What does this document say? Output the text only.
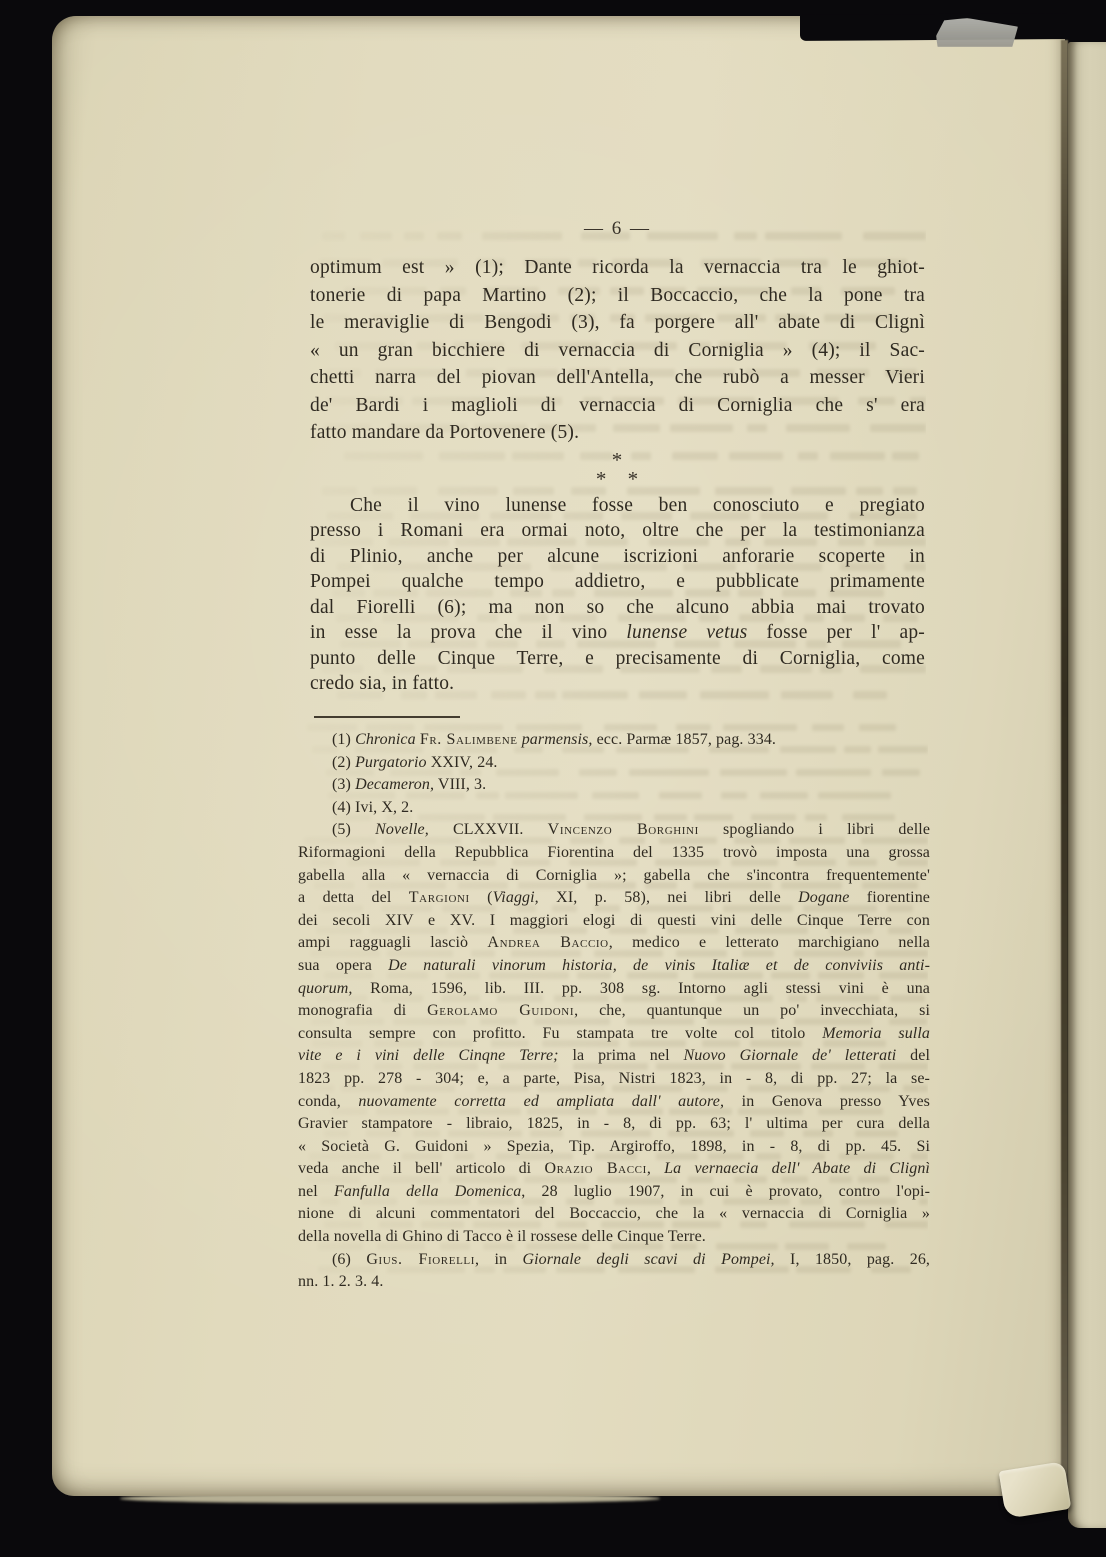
— 6 —
optimum est » (1); Dante ricorda la vernaccia tra le ghiot-
tonerie di papa Martino (2); il Boccaccio, che la pone tra
le meraviglie di Bengodi (3), fa porgere all' abate di Clignì
« un gran bicchiere di vernaccia di Corniglia » (4); il Sac-
chetti narra del piovan dell'Antella, che rubò a messer Vieri
de' Bardi i maglioli di vernaccia di Corniglia che s' era
fatto mandare da Portovenere (5).
*
* *
Che il vino lunense fosse ben conosciuto e pregiato
presso i Romani era ormai noto, oltre che per la testimonianza
di Plinio, anche per alcune iscrizioni anforarie scoperte in
Pompei qualche tempo addietro, e pubblicate primamente
dal Fiorelli (6); ma non so che alcuno abbia mai trovato
in esse la prova che il vino lunense vetus fosse per l' ap-
punto delle Cinque Terre, e precisamente di Corniglia, come
credo sia, in fatto.
(1) Chronica Fr. Salimbene parmensis, ecc. Parmæ 1857, pag. 334.
(2) Purgatorio XXIV, 24.
(3) Decameron, VIII, 3.
(4) Ivi, X, 2.
(5) Novelle, CLXXVII. Vincenzo Borghini spogliando i libri delle
Riformagioni della Repubblica Fiorentina del 1335 trovò imposta una grossa
gabella alla « vernaccia di Corniglia »; gabella che s'incontra frequentemente'
a detta del Targioni (Viaggi, XI, p. 58), nei libri delle Dogane fiorentine
dei secoli XIV e XV. I maggiori elogi di questi vini delle Cinque Terre con
ampi ragguagli lasciò Andrea Baccio, medico e letterato marchigiano nella
sua opera De naturali vinorum historia, de vinis Italiæ et de conviviis anti-
quorum, Roma, 1596, lib. III. pp. 308 sg. Intorno agli stessi vini è una
monografia di Gerolamo Guidoni, che, quantunque un po' invecchiata, si
consulta sempre con profitto. Fu stampata tre volte col titolo Memoria sulla
vite e i vini delle Cinqne Terre; la prima nel Nuovo Giornale de' letterati del
1823 pp. 278 - 304; e, a parte, Pisa, Nistri 1823, in - 8, di pp. 27; la se-
conda, nuovamente corretta ed ampliata dall' autore, in Genova presso Yves
Gravier stampatore - libraio, 1825, in - 8, di pp. 63; l' ultima per cura della
« Società G. Guidoni » Spezia, Tip. Argiroffo, 1898, in - 8, di pp. 45. Si
veda anche il bell' articolo di Orazio Bacci, La vernaecia dell' Abate di Clignì
nel Fanfulla della Domenica, 28 luglio 1907, in cui è provato, contro l'opi-
nione di alcuni commentatori del Boccaccio, che la « vernaccia di Corniglia »
della novella di Ghino di Tacco è il rossese delle Cinque Terre.
(6) Gius. Fiorelli, in Giornale degli scavi di Pompei, I, 1850, pag. 26,
nn. 1. 2. 3. 4.
